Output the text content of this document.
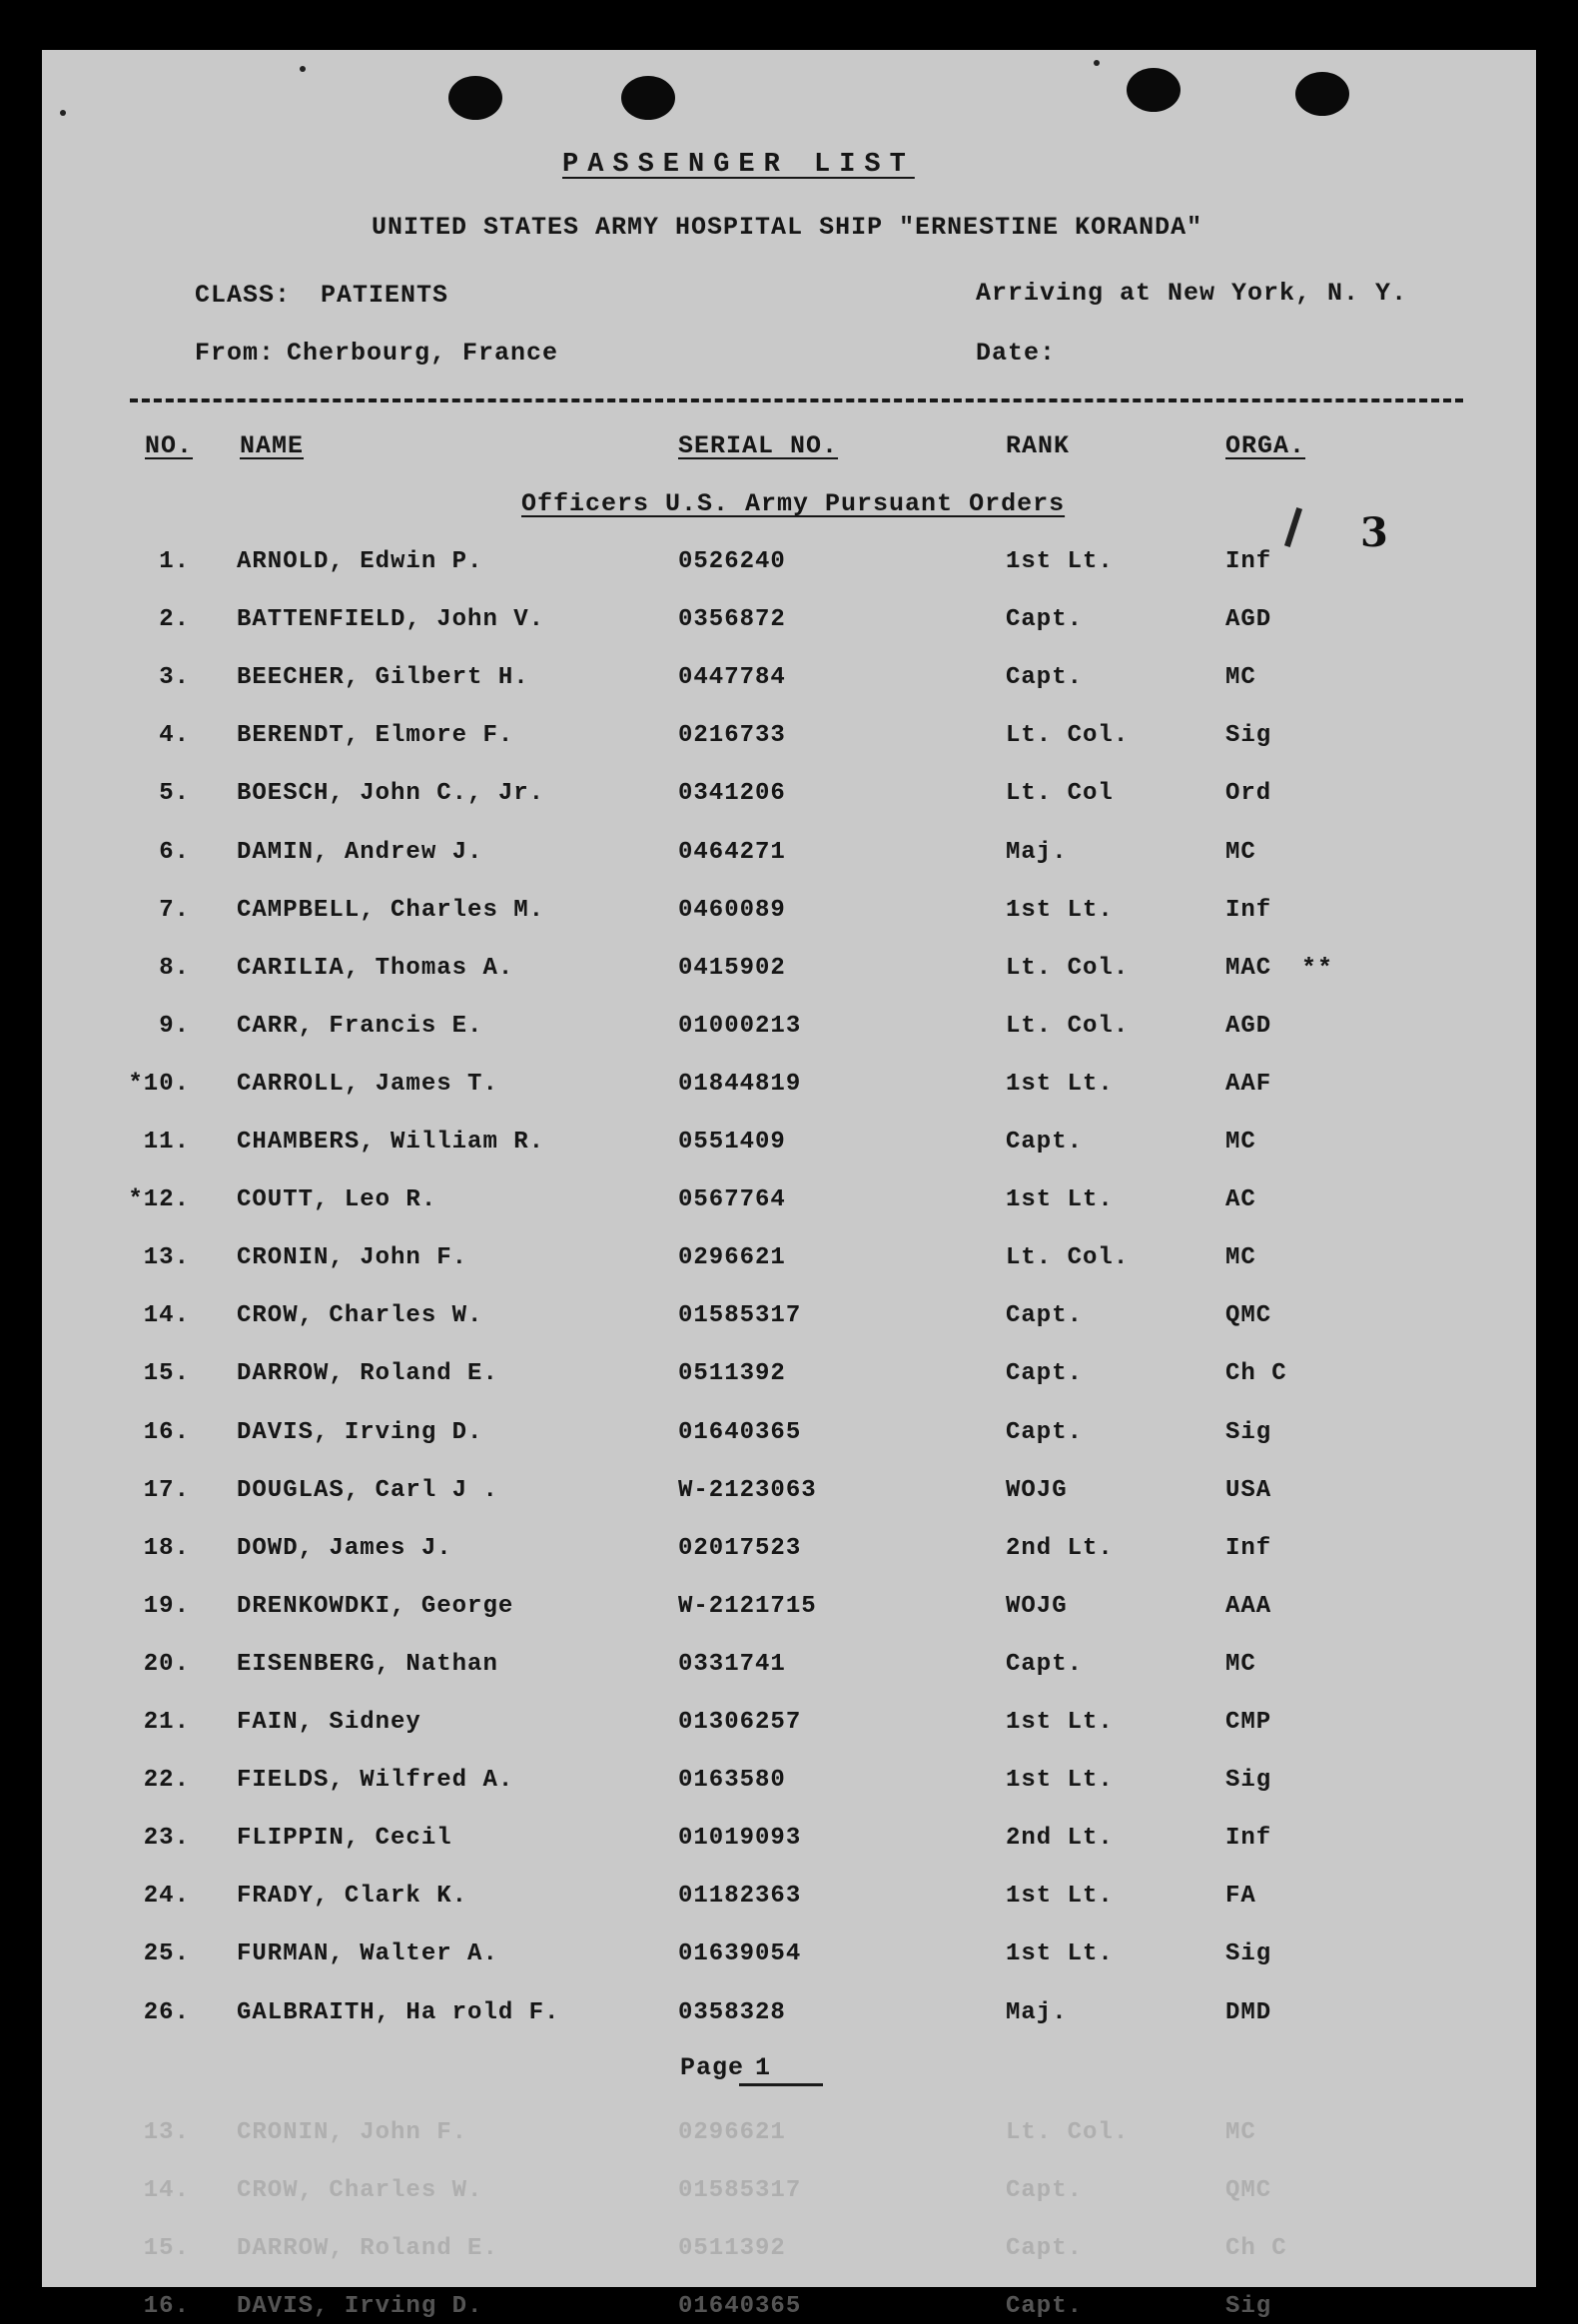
PASSENGER LIST
UNITED STATES ARMY HOSPITAL SHIP "ERNESTINE KORANDA"
CLASS: PATIENTS	Arriving at New York, N. Y.
From: Cherbourg, France	Date:
NO. NAME	SERIAL NO.	RANK	ORGA.
Officers U.S. Army Pursuant Orders
3
1. ARNOLD, Edwin P.	0526240	1st Lt.	Inf
2. BATTENFIELD, John V.	0356872	Capt.	AGD
3. BEECHER, Gilbert H.	0447784	Capt.	MC
4. BERENDT, Elmore F.	0216733	Lt. Col.	Sig
5. BOESCH, John C., Jr.	0341206	Lt. Col	Ord
6. DAMIN, Andrew J.	0464271	Maj.	MC
7. CAMPBELL, Charles M.	0460089	1st Lt.	Inf
8. CARILIA, Thomas A.	0415902	Lt. Col.	MAC
9. CARR, Francis E.	01000213	Lt. Col.	AGD
*10. CARROLL, James T.	01844819	1st Lt.	AAF
11. CHAMBERS, William R.	0551409	Capt.	MC
*12. COUTT, Leo R.	0567764	1st Lt.	AC
13. CRONIN, John F.	0296621	Lt. Col.	MC
14. CROW, Charles W.	01585317	Capt.	QMC
15. DARROW, Roland E.	0511392	Capt.	Ch C
16. DAVIS, Irving D.	01640365	Capt.	Sig
17. DOUGLAS, Carl J .	W-2123063	WOJG	USA
18. DOWD, James J.	02017523	2nd Lt.	Inf
19. DRENKOWDKI, George	W-2121715	WOJG	AAA
20. EISENBERG, Nathan	0331741	Capt.	MC
21. FAIN, Sidney	01306257	1st Lt.	CMP
22. FIELDS, Wilfred A.	0163580	1st Lt.	Sig
23. FLIPPIN, Cecil	01019093	2nd Lt.	Inf
24. FRADY, Clark K.	01182363	1st Lt.	FA
25. FURMAN, Walter A.	01639054	1st Lt.	Sig
26. GALBRAITH, Ha rold F.	0358328	Maj.	DMD
**
Page 1
13. CRONIN, John F.	0296621	Lt. Col.	MC
14. CROW, Charles W.	01585317	Capt.	QMC
15. DARROW, Roland E.	0511392	Capt.	Ch C
16. DAVIS, Irving D.	01640365	Capt.	Sig
